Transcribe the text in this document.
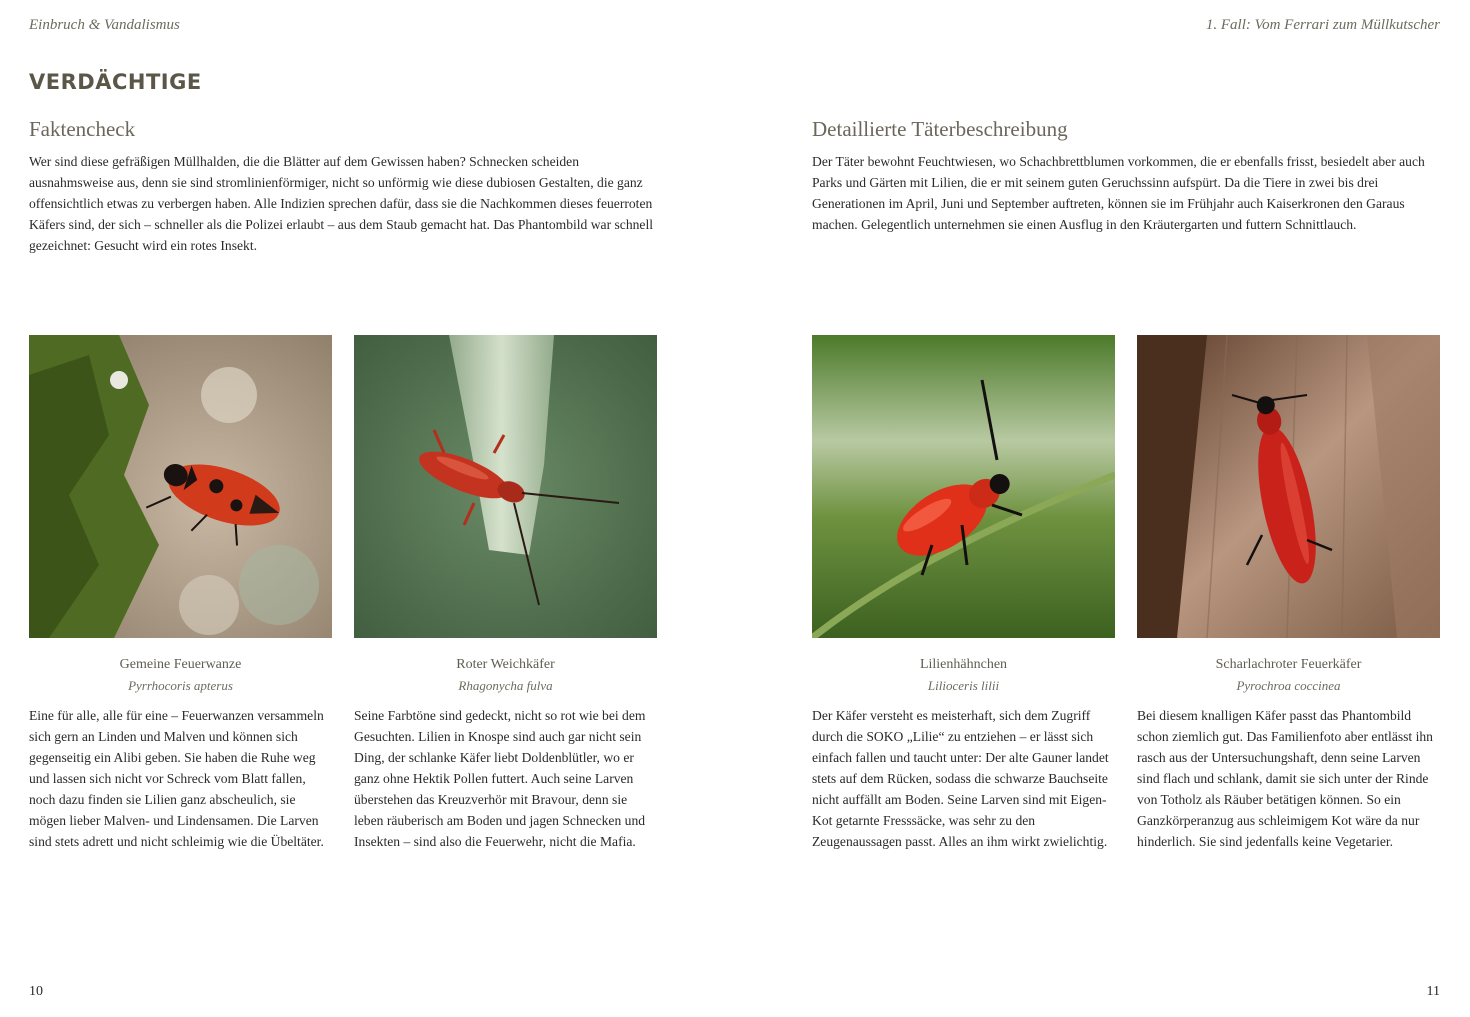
Einbruch & Vandalismus	1. Fall: Vom Ferrari zum Müllkutscher
VERDÄCHTIGE
Faktencheck

Wer sind diese gefräßigen Müllhalden, die die Blätter auf dem Gewissen haben? Schnecken scheiden ausnahmsweise aus, denn sie sind stromlinienförmiger, nicht so unförmig wie diese dubiosen Gestalten, die ganz offensichtlich etwas zu verbergen haben. Alle Indizien sprechen dafür, dass sie die Nachkommen dieses feuerroten Käfers sind, der sich – schneller als die Polizei erlaubt – aus dem Staub gemacht hat. Das Phantombild war schnell gezeichnet: Gesucht wird ein rotes Insekt.

Detaillierte Täterbeschreibung

Der Täter bewohnt Feuchtwiesen, wo Schachbrettblumen vorkommen, die er ebenfalls frisst, besiedelt aber auch Parks und Gärten mit Lilien, die er mit seinem guten Geruchssinn aufspürt. Da die Tiere in zwei bis drei Generationen im April, Juni und September auftreten, können sie im Frühjahr auch Kaiserkronen den Garaus machen. Gelegentlich unternehmen sie einen Ausflug in den Kräutergarten und futtern Schnittlauch.

Gemeine Feuerwanze
Pyrrhocoris apterus

Eine für alle, alle für eine – Feuerwanzen versammeln sich gern an Linden und Malven und können sich gegenseitig ein Alibi geben. Sie haben die Ruhe weg und lassen sich nicht vor Schreck vom Blatt fallen, noch dazu finden sie Lilien ganz abscheulich, sie mögen lieber Malven- und Lindensamen. Die Larven sind stets adrett und nicht schleimig wie die Übeltäter.

Roter Weichkäfer
Rhagonycha fulva

Seine Farbtöne sind gedeckt, nicht so rot wie bei dem Gesuchten. Lilien in Knospe sind auch gar nicht sein Ding, der schlanke Käfer liebt Doldenblütler, wo er ganz ohne Hektik Pollen futtert. Auch seine Larven überstehen das Kreuzverhör mit Bravour, denn sie leben räuberisch am Boden und jagen Schnecken und Insekten – sind also die Feuerwehr, nicht die Mafia.

Lilienhähnchen
Lilioceris lilii

Der Käfer versteht es meisterhaft, sich dem Zugriff durch die SOKO „Lilie“ zu entziehen – er lässt sich einfach fallen und taucht unter: Der alte Gauner landet stets auf dem Rücken, sodass die schwarze Bauchseite nicht auffällt am Boden. Seine Larven sind mit Eigen-Kot getarnte Fresssäcke, was sehr zu den Zeugenaussagen passt. Alles an ihm wirkt zwielichtig.

Scharlachroter Feuerkäfer
Pyrochroa coccinea

Bei diesem knalligen Käfer passt das Phantombild schon ziemlich gut. Das Familienfoto aber entlässt ihn rasch aus der Untersuchungshaft, denn seine Larven sind flach und schlank, damit sie sich unter der Rinde von Totholz als Räuber betätigen können. So ein Ganzkörperanzug aus schleimigem Kot wäre da nur hinderlich. Sie sind jedenfalls keine Vegetarier.

10	11
